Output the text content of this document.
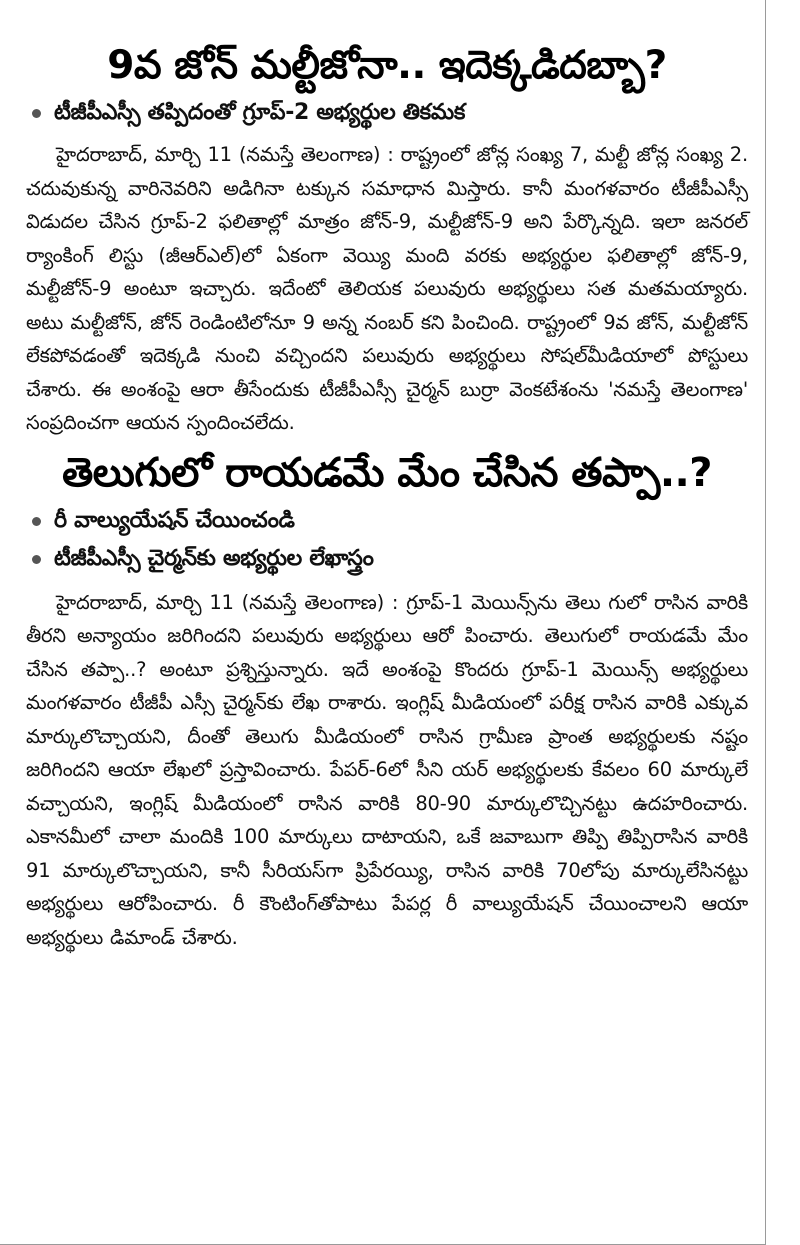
9వ జోన్ మల్టీజోనా.. ఇదెక్కడిదబ్బా?
టీజీపీఎస్సీ తప్పిదంతో గ్రూప్-2 అభ్యర్థుల తికమక

హైదరాబాద్, మార్చి 11 (నమస్తే తెలంగాణ) : రాష్ట్రంలో జోన్ల సంఖ్య 7, మల్టీ జోన్ల సంఖ్య 2. చదువుకున్న వారినెవరిని అడిగినా టక్కున సమాధాన మిస్తారు. కానీ మంగళవారం టీజీపీఎస్సీ విడుదల చేసిన గ్రూప్-2 ఫలితాల్లో మాత్రం జోన్-9, మల్టీజోన్-9 అని పేర్కొన్నది. ఇలా జనరల్ ర్యాంకింగ్ లిస్టు (జీఆర్ఎల్)లో ఏకంగా వెయ్యి మంది వరకు అభ్యర్థుల ఫలితాల్లో జోన్-9, మల్టీజోన్-9 అంటూ ఇచ్చారు. ఇదేంటో తెలియక పలువురు అభ్యర్థులు సత మతమయ్యారు. అటు మల్టీజోన్, జోన్ రెండింటిలోనూ 9 అన్న నంబర్ కని పించింది. రాష్ట్రంలో 9వ జోన్, మల్టీజోన్ లేకపోవడంతో ఇదెక్కడి నుంచి వచ్చిందని పలువురు అభ్యర్థులు సోషల్‌మీడియాలో పోస్టులు చేశారు. ఈ అంశంపై ఆరా తీసేందుకు టీజీపీఎస్సీ చైర్మన్ బుర్రా వెంకటేశంను 'నమస్తే తెలంగాణ' సంప్రదించగా ఆయన స్పందించలేదు.

తెలుగులో రాయడమే మేం చేసిన తప్పా..?
రీ వాల్యుయేషన్ చేయించండి
టీజీపీఎస్సీ చైర్మన్‌కు అభ్యర్థుల లేఖాస్త్రం

హైదరాబాద్, మార్చి 11 (నమస్తే తెలంగాణ) : గ్రూప్-1 మెయిన్స్‌ను తెలు గులో రాసిన వారికి తీరని అన్యాయం జరిగిందని పలువురు అభ్యర్థులు ఆరో పించారు. తెలుగులో రాయడమే మేం చేసిన తప్పా..? అంటూ ప్రశ్నిస్తున్నారు. ఇదే అంశంపై కొందరు గ్రూప్-1 మెయిన్స్ అభ్యర్థులు మంగళవారం టీజీపీ ఎస్సీ చైర్మన్‌కు లేఖ రాశారు. ఇంగ్లిష్ మీడియంలో పరీక్ష రాసిన వారికి ఎక్కువ మార్కులొచ్చాయని, దీంతో తెలుగు మీడియంలో రాసిన గ్రామీణ ప్రాంత అభ్యర్థులకు నష్టం జరిగిందని ఆయా లేఖలో ప్రస్తావించారు. పేపర్-6లో సీని యర్ అభ్యర్థులకు కేవలం 60 మార్కులే వచ్చాయని, ఇంగ్లిష్ మీడియంలో రాసిన వారికి 80-90 మార్కులొచ్చినట్టు ఉదహరించారు. ఎకానమీలో చాలా మందికి 100 మార్కులు దాటాయని, ఒకే జవాబుగా తిప్పి తిప్పిరాసిన వారికి 91 మార్కులొచ్చాయని, కానీ సీరియస్‌గా ప్రిపేరయ్యి, రాసిన వారికి 70లోపు మార్కులేసినట్టు అభ్యర్థులు ఆరోపించారు. రీ కౌంటింగ్‌తోపాటు పేపర్ల రీ వాల్యుయేషన్ చేయించాలని ఆయా అభ్యర్థులు డిమాండ్ చేశారు.
